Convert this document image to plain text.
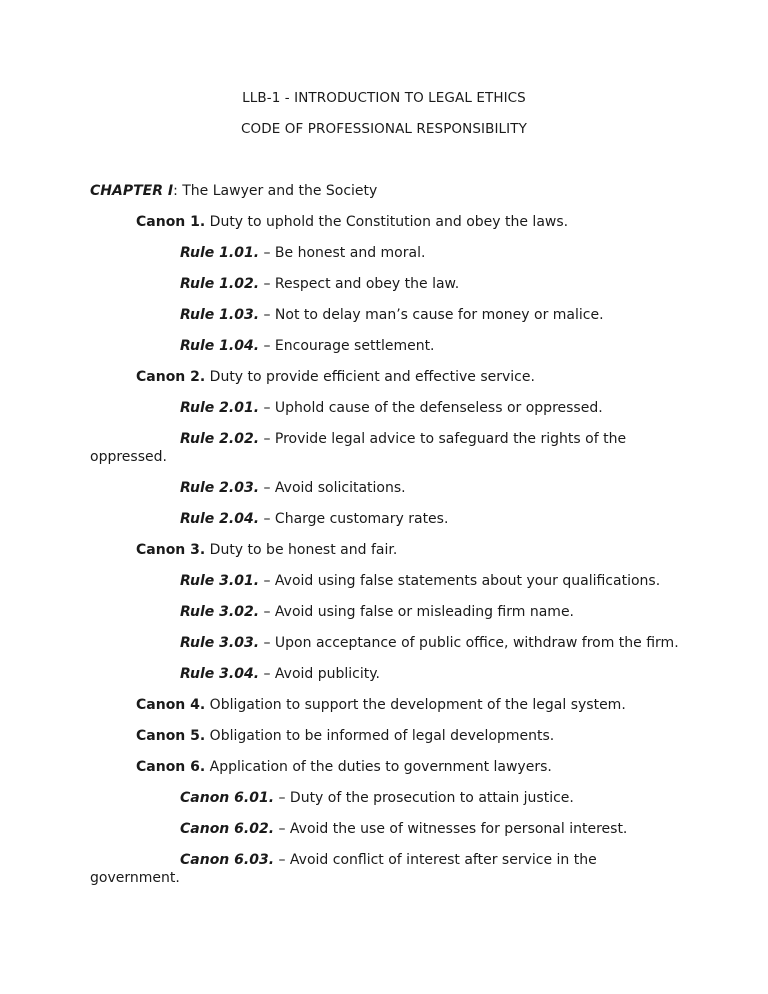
LLB-1 - INTRODUCTION TO LEGAL ETHICS
CODE OF PROFESSIONAL RESPONSIBILITY
CHAPTER I: The Lawyer and the Society
Canon 1. Duty to uphold the Constitution and obey the laws.
Rule 1.01. – Be honest and moral.
Rule 1.02. – Respect and obey the law.
Rule 1.03. – Not to delay man’s cause for money or malice.
Rule 1.04. – Encourage settlement.
Canon 2. Duty to provide efficient and effective service.
Rule 2.01. – Uphold cause of the defenseless or oppressed.
Rule 2.02. – Provide legal advice to safeguard the rights of the
oppressed.
Rule 2.03. – Avoid solicitations.
Rule 2.04. – Charge customary rates.
Canon 3. Duty to be honest and fair.
Rule 3.01. – Avoid using false statements about your qualifications.
Rule 3.02. – Avoid using false or misleading firm name.
Rule 3.03. – Upon acceptance of public office, withdraw from the firm.
Rule 3.04. – Avoid publicity.
Canon 4. Obligation to support the development of the legal system.
Canon 5. Obligation to be informed of legal developments.
Canon 6. Application of the duties to government lawyers.
Canon 6.01. – Duty of the prosecution to attain justice.
Canon 6.02. – Avoid the use of witnesses for personal interest.
Canon 6.03. – Avoid conflict of interest after service in the
government.
